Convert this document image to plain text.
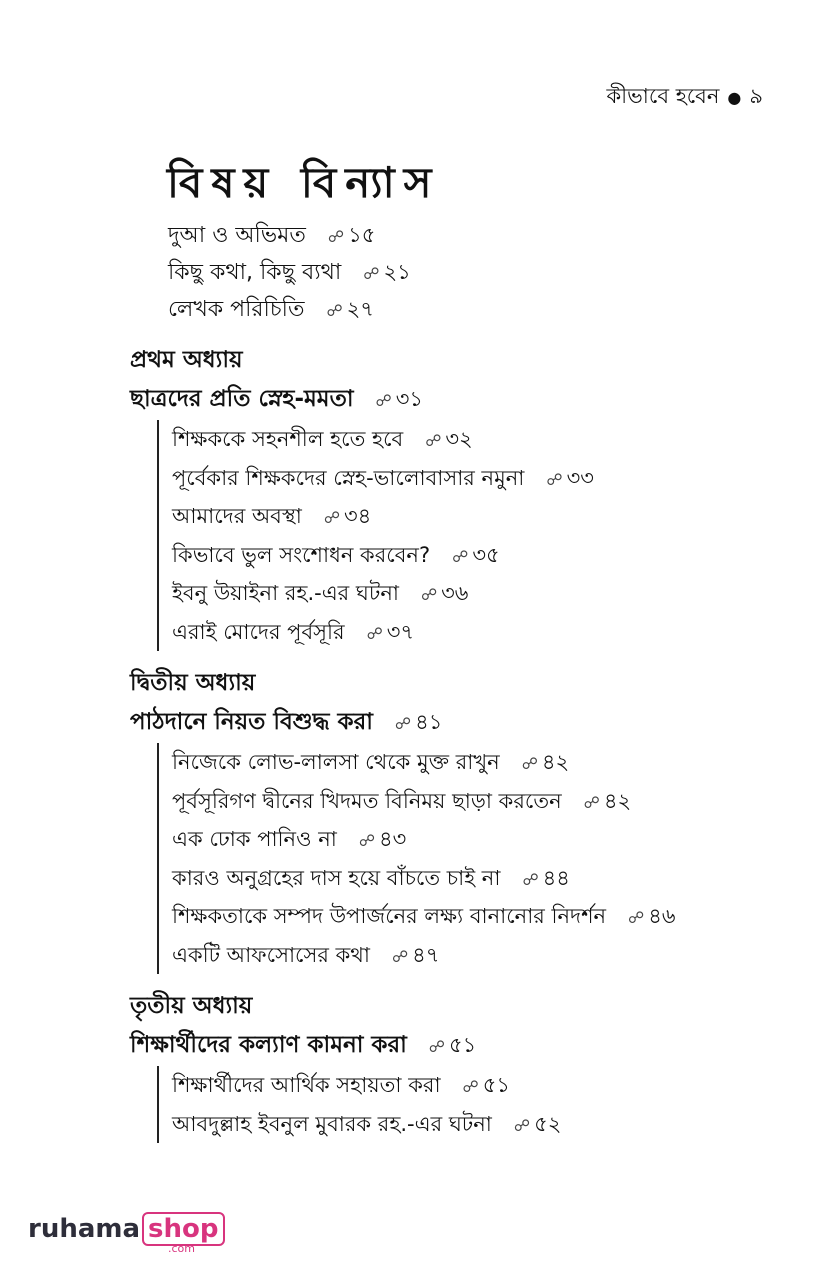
কীভাবে হবেন ● ৯
বিষয় বিন্যাস
দুআ ও অভিমত ☍ ১৫
কিছু কথা, কিছু ব্যথা ☍ ২১
লেখক পরিচিতি ☍ ২৭
প্রথম অধ্যায়
ছাত্রদের প্রতি স্নেহ-মমতা ☍ ৩১
শিক্ষককে সহনশীল হতে হবে ☍ ৩২
পূর্বেকার শিক্ষকদের স্নেহ-ভালোবাসার নমুনা ☍ ৩৩
আমাদের অবস্থা ☍ ৩৪
কিভাবে ভুল সংশোধন করবেন? ☍ ৩৫
ইবনু উয়াইনা রহ.-এর ঘটনা ☍ ৩৬
এরাই মোদের পূর্বসূরি ☍ ৩৭
দ্বিতীয় অধ্যায়
পাঠদানে নিয়ত বিশুদ্ধ করা ☍ ৪১
নিজেকে লোভ-লালসা থেকে মুক্ত রাখুন ☍ ৪২
পূর্বসূরিগণ দ্বীনের খিদমত বিনিময় ছাড়া করতেন ☍ ৪২
এক ঢোক পানিও না ☍ ৪৩
কারও অনুগ্রহের দাস হয়ে বাঁচতে চাই না ☍ ৪৪
শিক্ষকতাকে সম্পদ উপার্জনের লক্ষ্য বানানোর নিদর্শন ☍ ৪৬
একটি আফসোসের কথা ☍ ৪৭
তৃতীয় অধ্যায়
শিক্ষার্থীদের কল্যাণ কামনা করা ☍ ৫১
শিক্ষার্থীদের আর্থিক সহায়তা করা ☍ ৫১
আবদুল্লাহ ইবনুল মুবারক রহ.-এর ঘটনা ☍ ৫২
ruhama shop
.com
